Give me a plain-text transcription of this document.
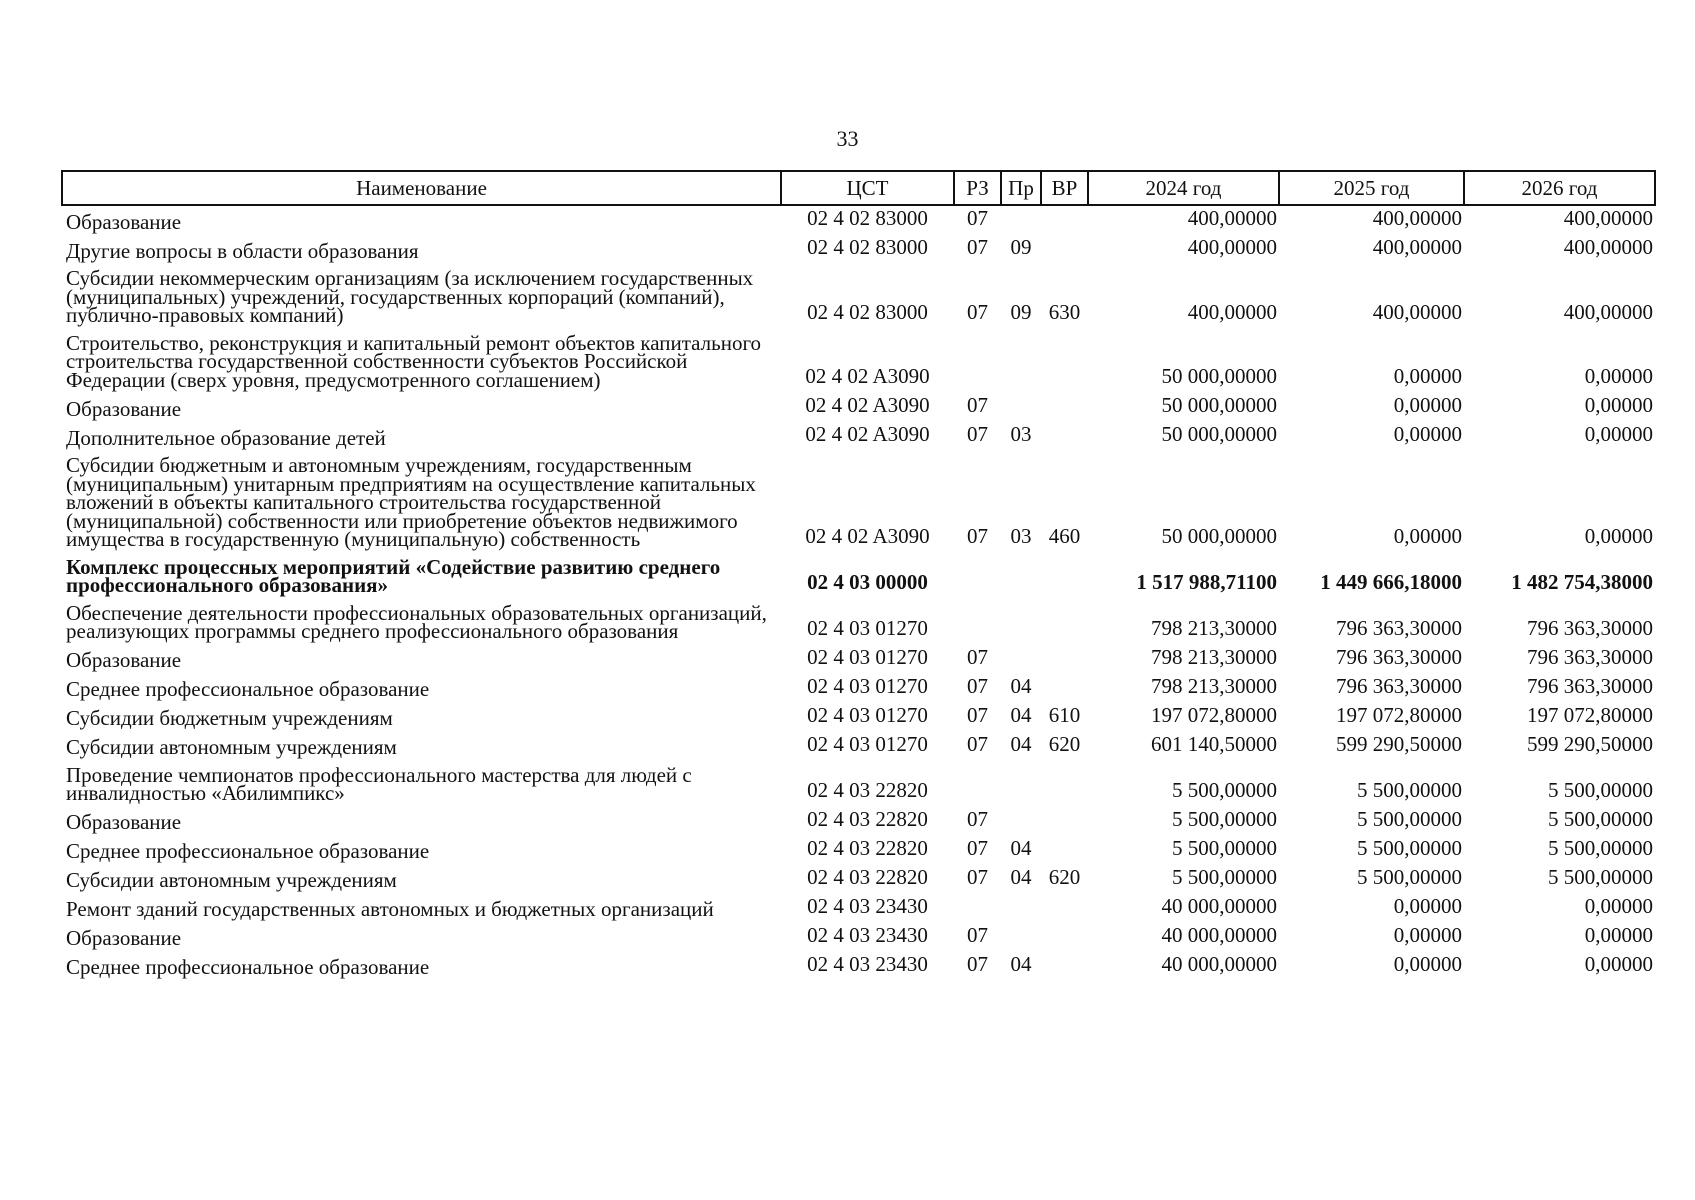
33
Наименование	ЦСТ	РЗ	Пр	ВР	2024 год	2025 год	2026 год
Образование	02 4 02 83000	07			400,00000	400,00000	400,00000
Другие вопросы в области образования	02 4 02 83000	07	09		400,00000	400,00000	400,00000
Субсидии некоммерческим организациям (за исключением государственных (муниципальных) учреждений, государственных корпораций (компаний), публично-правовых компаний)	02 4 02 83000	07	09	630	400,00000	400,00000	400,00000
Строительство, реконструкция и капитальный ремонт объектов капитального строительства государственной собственности субъектов Российской Федерации (сверх уровня, предусмотренного соглашением)	02 4 02 A3090				50 000,00000	0,00000	0,00000
Образование	02 4 02 A3090	07			50 000,00000	0,00000	0,00000
Дополнительное образование детей	02 4 02 A3090	07	03		50 000,00000	0,00000	0,00000
Субсидии бюджетным и автономным учреждениям, государственным (муниципальным) унитарным предприятиям на осуществление капитальных вложений в объекты капитального строительства государственной (муниципальной) собственности или приобретение объектов недвижимого имущества в государственную (муниципальную) собственность	02 4 02 A3090	07	03	460	50 000,00000	0,00000	0,00000
Комплекс процессных мероприятий «Содействие развитию среднего профессионального образования»	02 4 03 00000				1 517 988,71100	1 449 666,18000	1 482 754,38000
Обеспечение деятельности профессиональных образовательных организаций, реализующих программы среднего профессионального образования	02 4 03 01270				798 213,30000	796 363,30000	796 363,30000
Образование	02 4 03 01270	07			798 213,30000	796 363,30000	796 363,30000
Среднее профессиональное образование	02 4 03 01270	07	04		798 213,30000	796 363,30000	796 363,30000
Субсидии бюджетным учреждениям	02 4 03 01270	07	04	610	197 072,80000	197 072,80000	197 072,80000
Субсидии автономным учреждениям	02 4 03 01270	07	04	620	601 140,50000	599 290,50000	599 290,50000
Проведение чемпионатов профессионального мастерства для людей с инвалидностью «Абилимпикс»	02 4 03 22820				5 500,00000	5 500,00000	5 500,00000
Образование	02 4 03 22820	07			5 500,00000	5 500,00000	5 500,00000
Среднее профессиональное образование	02 4 03 22820	07	04		5 500,00000	5 500,00000	5 500,00000
Субсидии автономным учреждениям	02 4 03 22820	07	04	620	5 500,00000	5 500,00000	5 500,00000
Ремонт зданий государственных автономных и бюджетных организаций	02 4 03 23430				40 000,00000	0,00000	0,00000
Образование	02 4 03 23430	07			40 000,00000	0,00000	0,00000
Среднее профессиональное образование	02 4 03 23430	07	04		40 000,00000	0,00000	0,00000
